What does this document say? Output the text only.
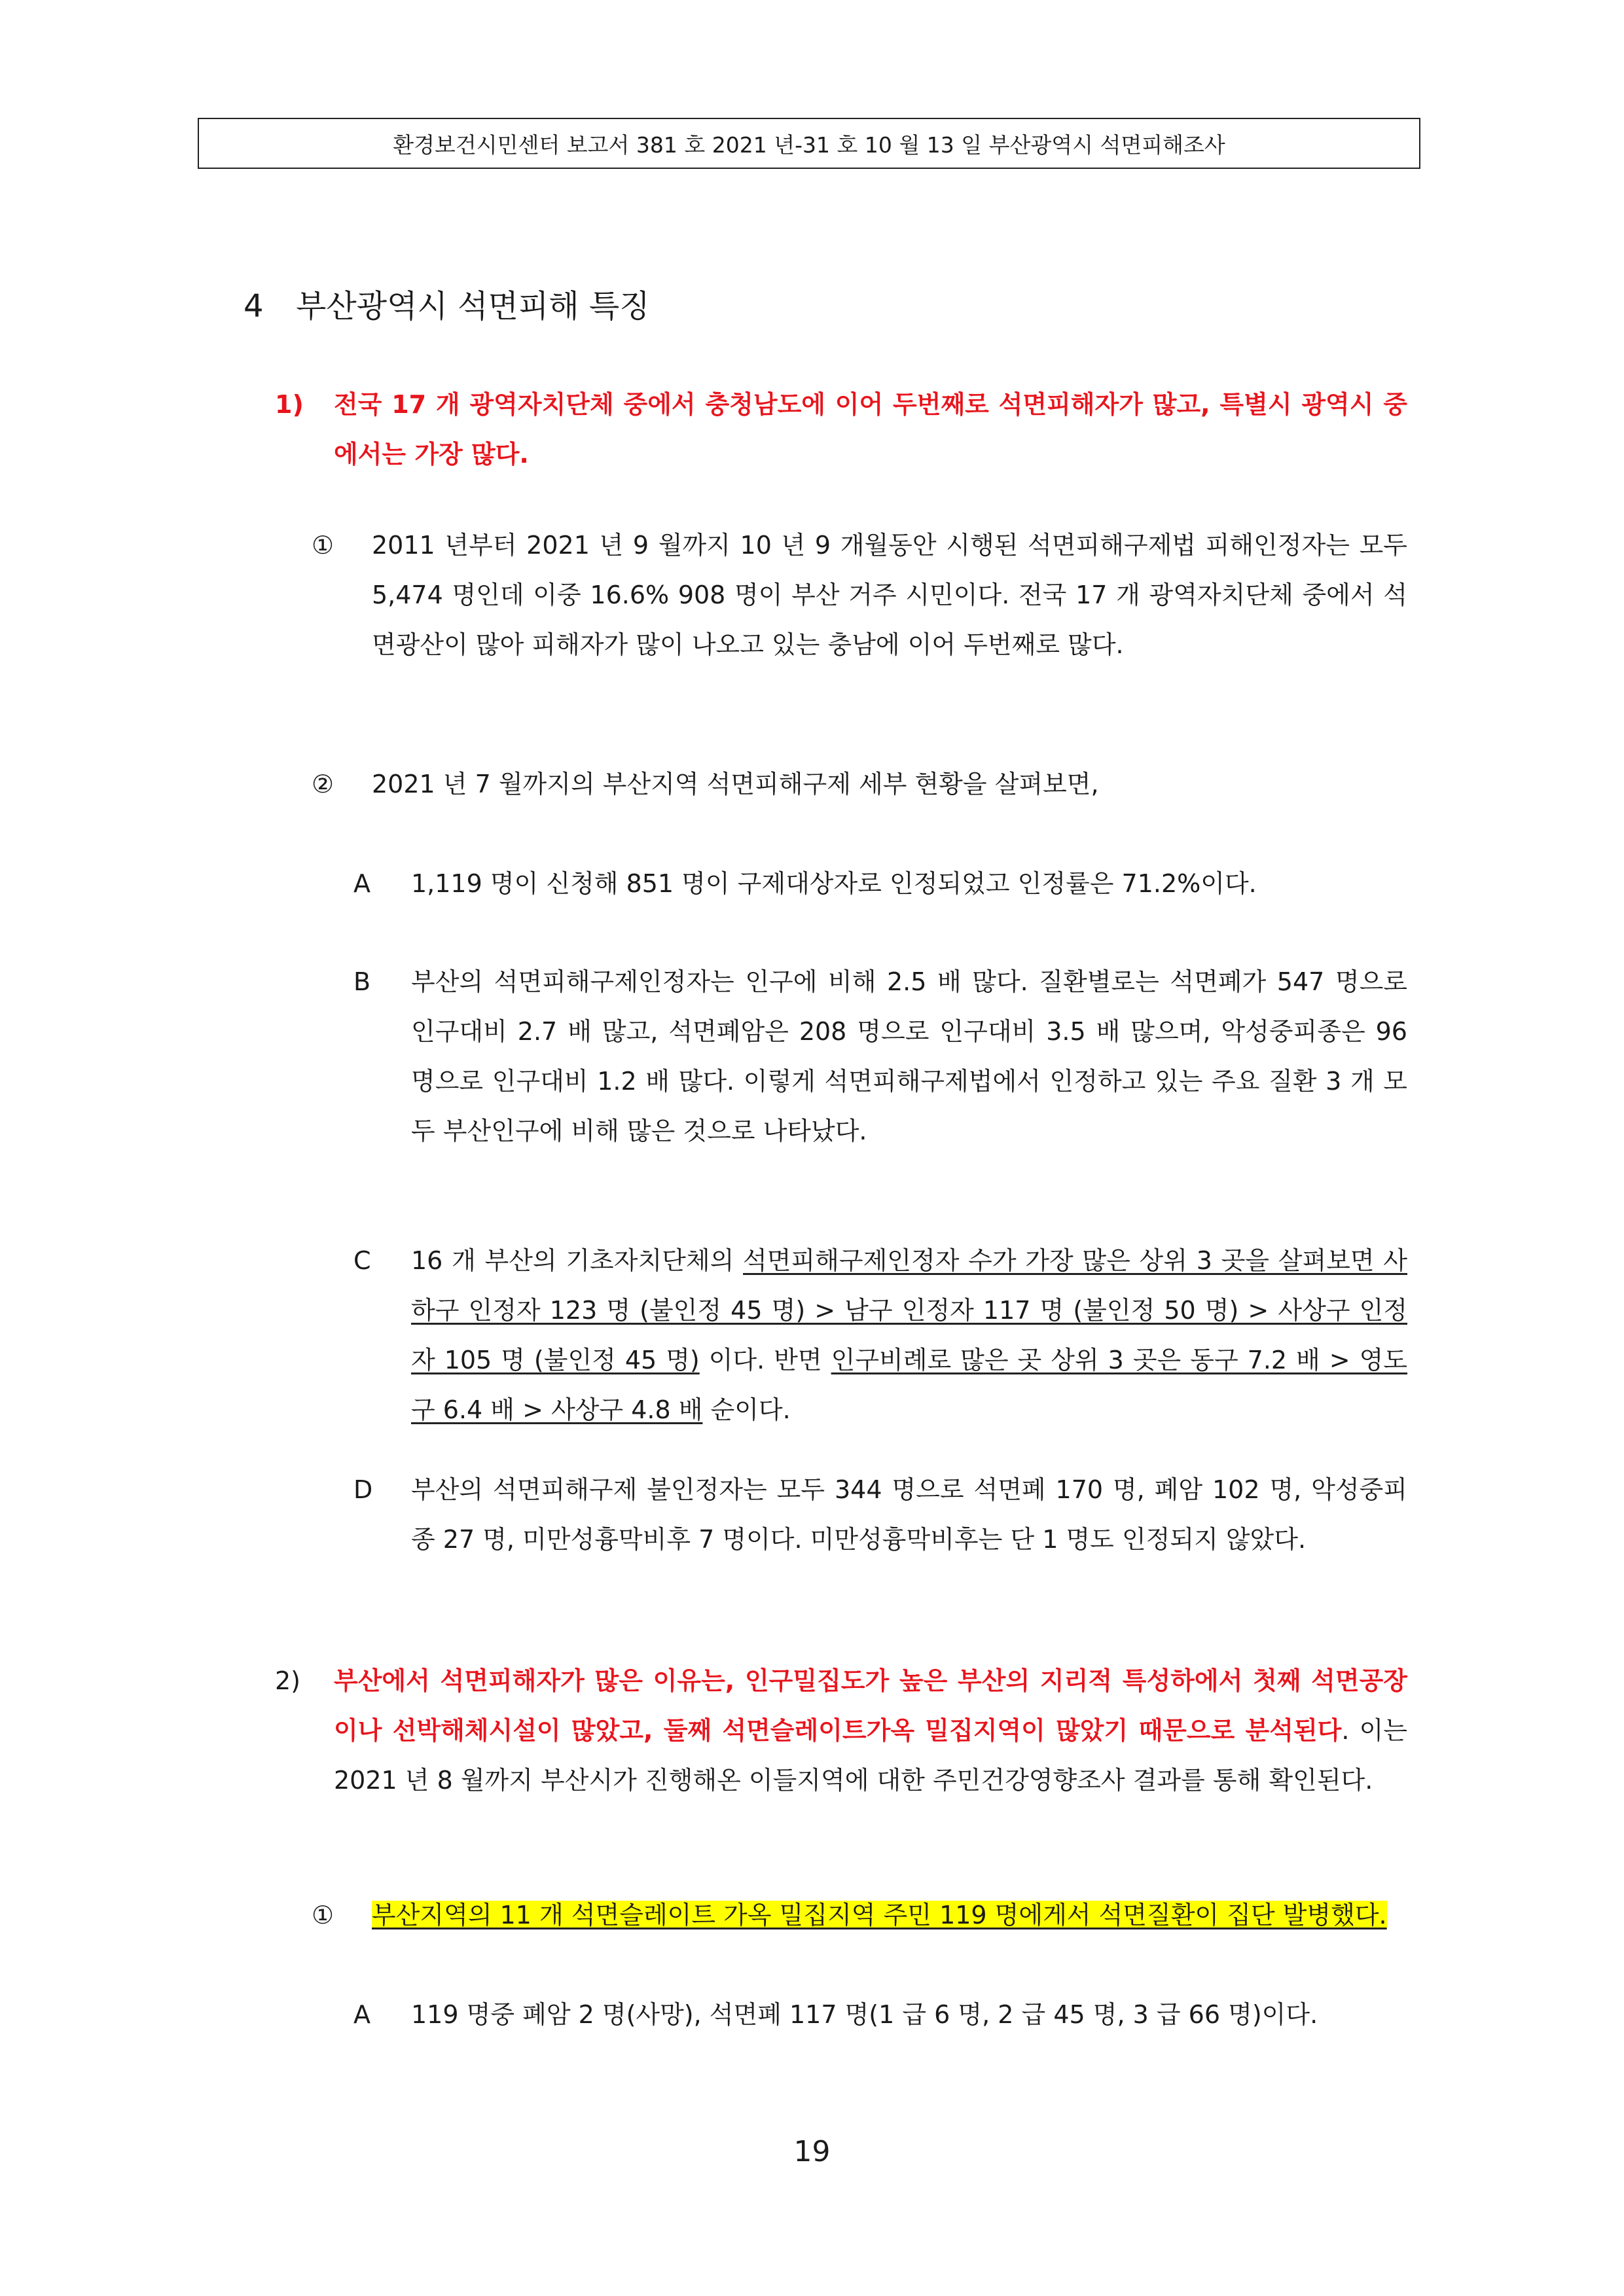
환경보건시민센터 보고서 381 호 2021 년-31 호 10 월 13 일 부산광역시 석면피해조사
4 부산광역시 석면피해 특징
1) 전국 17 개 광역자치단체 중에서 충청남도에 이어 두번째로 석면피해자가 많고, 특별시 광역시 중에서는 가장 많다.
① 2011 년부터 2021 년 9 월까지 10 년 9 개월동안 시행된 석면피해구제법 피해인정자는 모두 5,474 명인데 이중 16.6% 908 명이 부산 거주 시민이다. 전국 17 개 광역자치단체 중에서 석면광산이 많아 피해자가 많이 나오고 있는 충남에 이어 두번째로 많다.
② 2021 년 7 월까지의 부산지역 석면피해구제 세부 현황을 살펴보면,
A 1,119 명이 신청해 851 명이 구제대상자로 인정되었고 인정률은 71.2%이다.
B 부산의 석면피해구제인정자는 인구에 비해 2.5 배 많다. 질환별로는 석면폐가 547 명으로 인구대비 2.7 배 많고, 석면폐암은 208 명으로 인구대비 3.5 배 많으며, 악성중피종은 96 명으로 인구대비 1.2 배 많다. 이렇게 석면피해구제법에서 인정하고 있는 주요 질환 3 개 모두 부산인구에 비해 많은 것으로 나타났다.
C 16 개 부산의 기초자치단체의 석면피해구제인정자 수가 가장 많은 상위 3 곳을 살펴보면 사하구 인정자 123 명 (불인정 45 명) > 남구 인정자 117 명 (불인정 50 명) > 사상구 인정자 105 명 (불인정 45 명) 이다. 반면 인구비례로 많은 곳 상위 3 곳은 동구 7.2 배 > 영도구 6.4 배 > 사상구 4.8 배 순이다.
D 부산의 석면피해구제 불인정자는 모두 344 명으로 석면폐 170 명, 폐암 102 명, 악성중피종 27 명, 미만성흉막비후 7 명이다. 미만성흉막비후는 단 1 명도 인정되지 않았다.
2) 부산에서 석면피해자가 많은 이유는, 인구밀집도가 높은 부산의 지리적 특성하에서 첫째 석면공장이나 선박해체시설이 많았고, 둘째 석면슬레이트가옥 밀집지역이 많았기 때문으로 분석된다. 이는 2021 년 8 월까지 부산시가 진행해온 이들지역에 대한 주민건강영향조사 결과를 통해 확인된다.
① 부산지역의 11 개 석면슬레이트 가옥 밀집지역 주민 119 명에게서 석면질환이 집단 발병했다.
A 119 명중 폐암 2 명(사망), 석면폐 117 명(1 급 6 명, 2 급 45 명, 3 급 66 명)이다.
19
